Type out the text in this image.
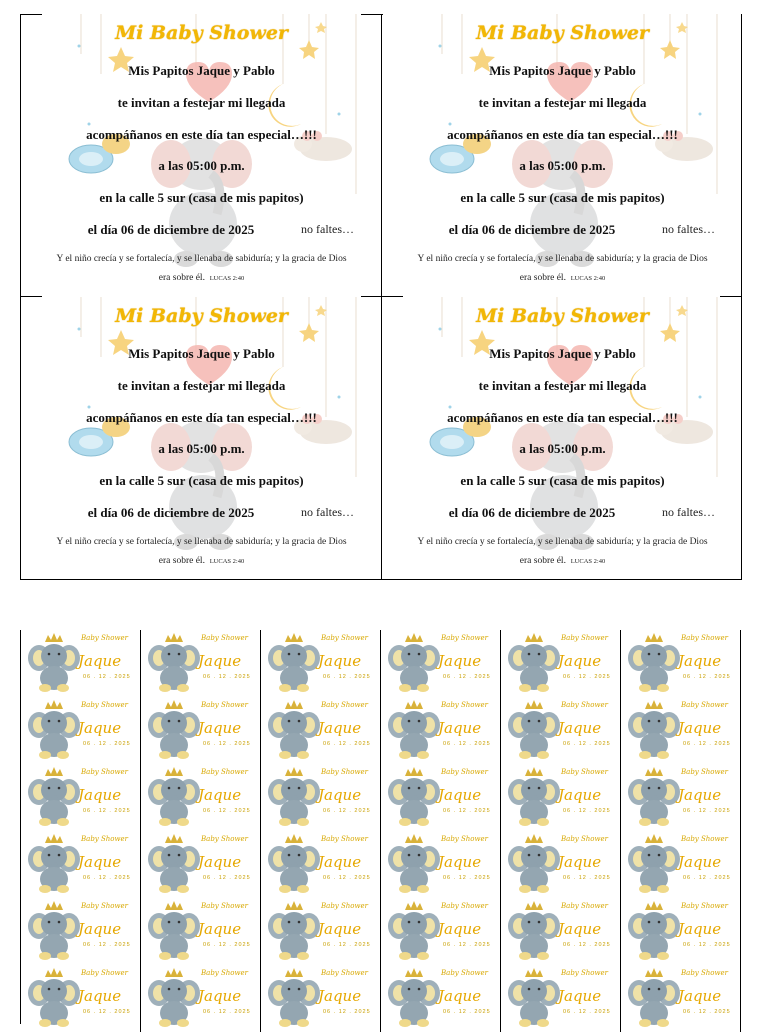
Mi Baby Shower
Mis Papitos Jaque y Pablo
te invitan a festejar mi llegada
acompáñanos en este día tan especial…!!!
a las 05:00 p.m.
en la calle 5 sur (casa de mis papitos)
el día 06 de diciembre de 2025	no faltes…
Y el niño crecía y se fortalecía, y se llenaba de sabiduría; y la gracia de Dios
era sobre él. LUCAS 2:40
Mi Baby Shower
Mis Papitos Jaque y Pablo
te invitan a festejar mi llegada
acompáñanos en este día tan especial…!!!
a las 05:00 p.m.
en la calle 5 sur (casa de mis papitos)
el día 06 de diciembre de 2025	no faltes…
Y el niño crecía y se fortalecía, y se llenaba de sabiduría; y la gracia de Dios
era sobre él. LUCAS 2:40
Mi Baby Shower
Mis Papitos Jaque y Pablo
te invitan a festejar mi llegada
acompáñanos en este día tan especial…!!!
a las 05:00 p.m.
en la calle 5 sur (casa de mis papitos)
el día 06 de diciembre de 2025	no faltes…
Y el niño crecía y se fortalecía, y se llenaba de sabiduría; y la gracia de Dios
era sobre él. LUCAS 2:40
Mi Baby Shower
Mis Papitos Jaque y Pablo
te invitan a festejar mi llegada
acompáñanos en este día tan especial…!!!
a las 05:00 p.m.
en la calle 5 sur (casa de mis papitos)
el día 06 de diciembre de 2025	no faltes…
Y el niño crecía y se fortalecía, y se llenaba de sabiduría; y la gracia de Dios
era sobre él. LUCAS 2:40
Baby Shower
Jaque
06 . 12 . 2025
Baby Shower
Jaque
06 . 12 . 2025
Baby Shower
Jaque
06 . 12 . 2025
Baby Shower
Jaque
06 . 12 . 2025
Baby Shower
Jaque
06 . 12 . 2025
Baby Shower
Jaque
06 . 12 . 2025
Baby Shower
Jaque
06 . 12 . 2025
Baby Shower
Jaque
06 . 12 . 2025
Baby Shower
Jaque
06 . 12 . 2025
Baby Shower
Jaque
06 . 12 . 2025
Baby Shower
Jaque
06 . 12 . 2025
Baby Shower
Jaque
06 . 12 . 2025
Baby Shower
Jaque
06 . 12 . 2025
Baby Shower
Jaque
06 . 12 . 2025
Baby Shower
Jaque
06 . 12 . 2025
Baby Shower
Jaque
06 . 12 . 2025
Baby Shower
Jaque
06 . 12 . 2025
Baby Shower
Jaque
06 . 12 . 2025
Baby Shower
Jaque
06 . 12 . 2025
Baby Shower
Jaque
06 . 12 . 2025
Baby Shower
Jaque
06 . 12 . 2025
Baby Shower
Jaque
06 . 12 . 2025
Baby Shower
Jaque
06 . 12 . 2025
Baby Shower
Jaque
06 . 12 . 2025
Baby Shower
Jaque
06 . 12 . 2025
Baby Shower
Jaque
06 . 12 . 2025
Baby Shower
Jaque
06 . 12 . 2025
Baby Shower
Jaque
06 . 12 . 2025
Baby Shower
Jaque
06 . 12 . 2025
Baby Shower
Jaque
06 . 12 . 2025
Baby Shower
Jaque
06 . 12 . 2025
Baby Shower
Jaque
06 . 12 . 2025
Baby Shower
Jaque
06 . 12 . 2025
Baby Shower
Jaque
06 . 12 . 2025
Baby Shower
Jaque
06 . 12 . 2025
Baby Shower
Jaque
06 . 12 . 2025
